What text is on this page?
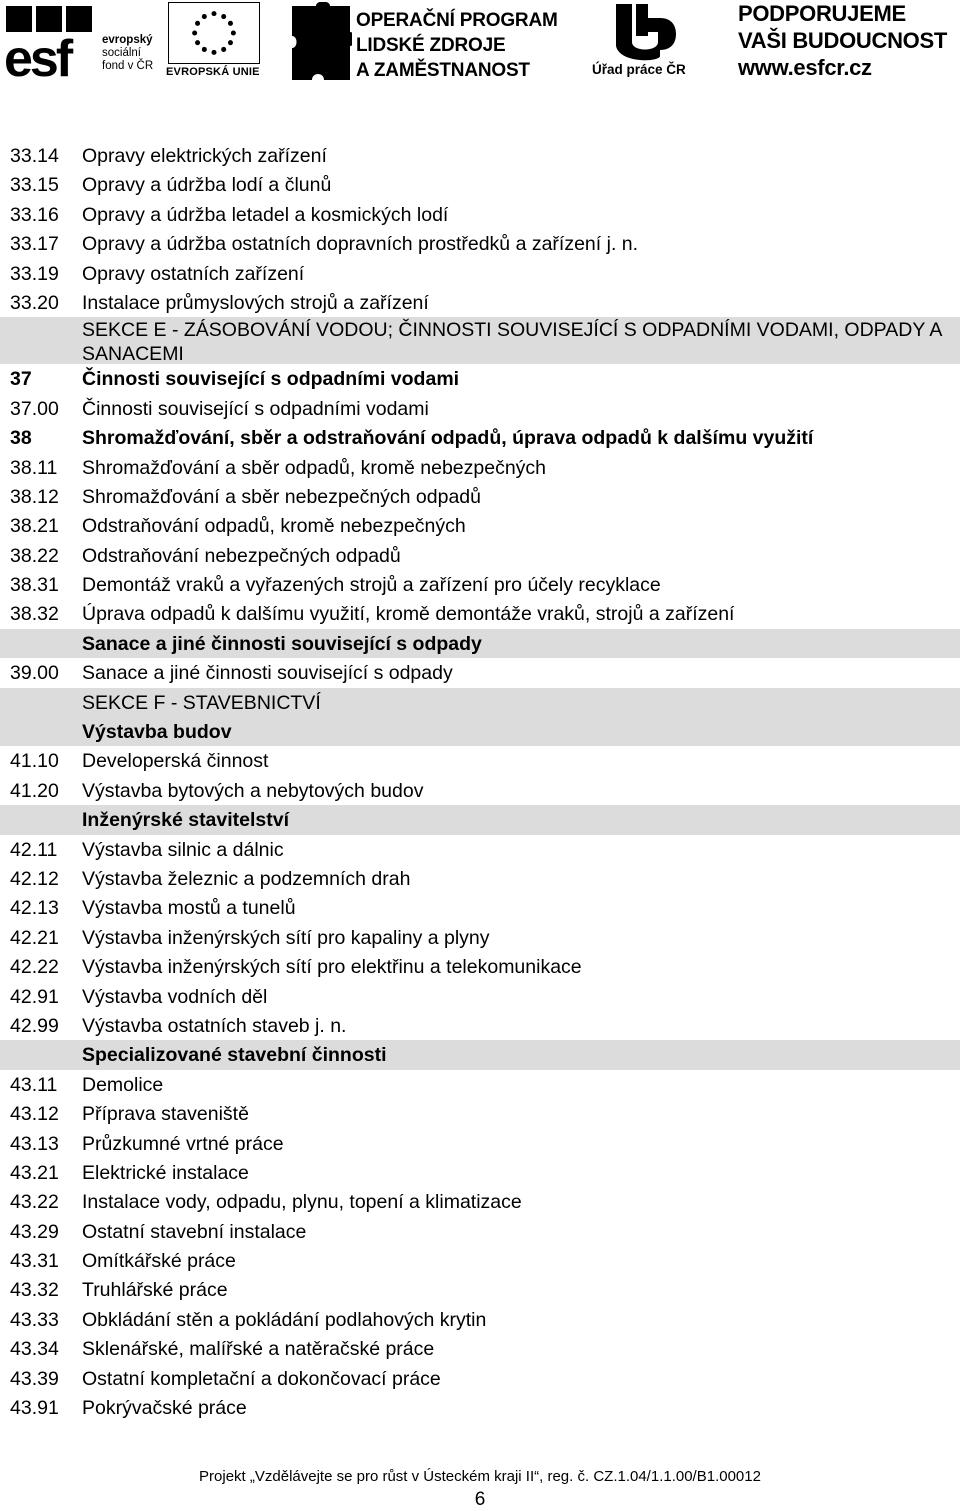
esf	evropský
sociální
fond v ČR EVROPSKÁ UNIE
OPERAČNÍ PROGRAM
LIDSKÉ ZDROJE
A ZAMĚSTNANOST	Úřad práce ČR
PODPORUJEME
VAŠI BUDOUCNOST
www.esfcr.cz
33.14 Opravy elektrických zařízení
33.15 Opravy a údržba lodí a člunů
33.16 Opravy a údržba letadel a kosmických lodí
33.17 Opravy a údržba ostatních dopravních prostředků a zařízení j. n.
33.19 Opravy ostatních zařízení
33.20 Instalace průmyslových strojů a zařízení
SEKCE E - ZÁSOBOVÁNÍ VODOU; ČINNOSTI SOUVISEJÍCÍ S ODPADNÍMI VODAMI, ODPADY A SANACEMI
37	Činnosti související s odpadními vodami
37.00 Činnosti související s odpadními vodami
38	Shromažďování, sběr a odstraňování odpadů, úprava odpadů k dalšímu využití
38.11 Shromažďování a sběr odpadů, kromě nebezpečných
38.12 Shromažďování a sběr nebezpečných odpadů
38.21 Odstraňování odpadů, kromě nebezpečných
38.22 Odstraňování nebezpečných odpadů
38.31 Demontáž vraků a vyřazených strojů a zařízení pro účely recyklace
38.32 Úprava odpadů k dalšímu využití, kromě demontáže vraků, strojů a zařízení
Sanace a jiné činnosti související s odpady
39.00 Sanace a jiné činnosti související s odpady
SEKCE F - STAVEBNICTVÍ
Výstavba budov
41.10 Developerská činnost
41.20 Výstavba bytových a nebytových budov
Inženýrské stavitelství
42.11 Výstavba silnic a dálnic
42.12 Výstavba železnic a podzemních drah
42.13 Výstavba mostů a tunelů
42.21 Výstavba inženýrských sítí pro kapaliny a plyny
42.22 Výstavba inženýrských sítí pro elektřinu a telekomunikace
42.91 Výstavba vodních děl
42.99 Výstavba ostatních staveb j. n.
Specializované stavební činnosti
43.11 Demolice
43.12 Příprava staveniště
43.13 Průzkumné vrtné práce
43.21 Elektrické instalace
43.22 Instalace vody, odpadu, plynu, topení a klimatizace
43.29 Ostatní stavební instalace
43.31 Omítkářské práce
43.32 Truhlářské práce
43.33 Obkládání stěn a pokládání podlahových krytin
43.34 Sklenářské, malířské a natěračské práce
43.39 Ostatní kompletační a dokončovací práce
43.91 Pokrývačské práce
Projekt „Vzdělávejte se pro růst v Ústeckém kraji II“, reg. č. CZ.1.04/1.1.00/B1.00012
6
